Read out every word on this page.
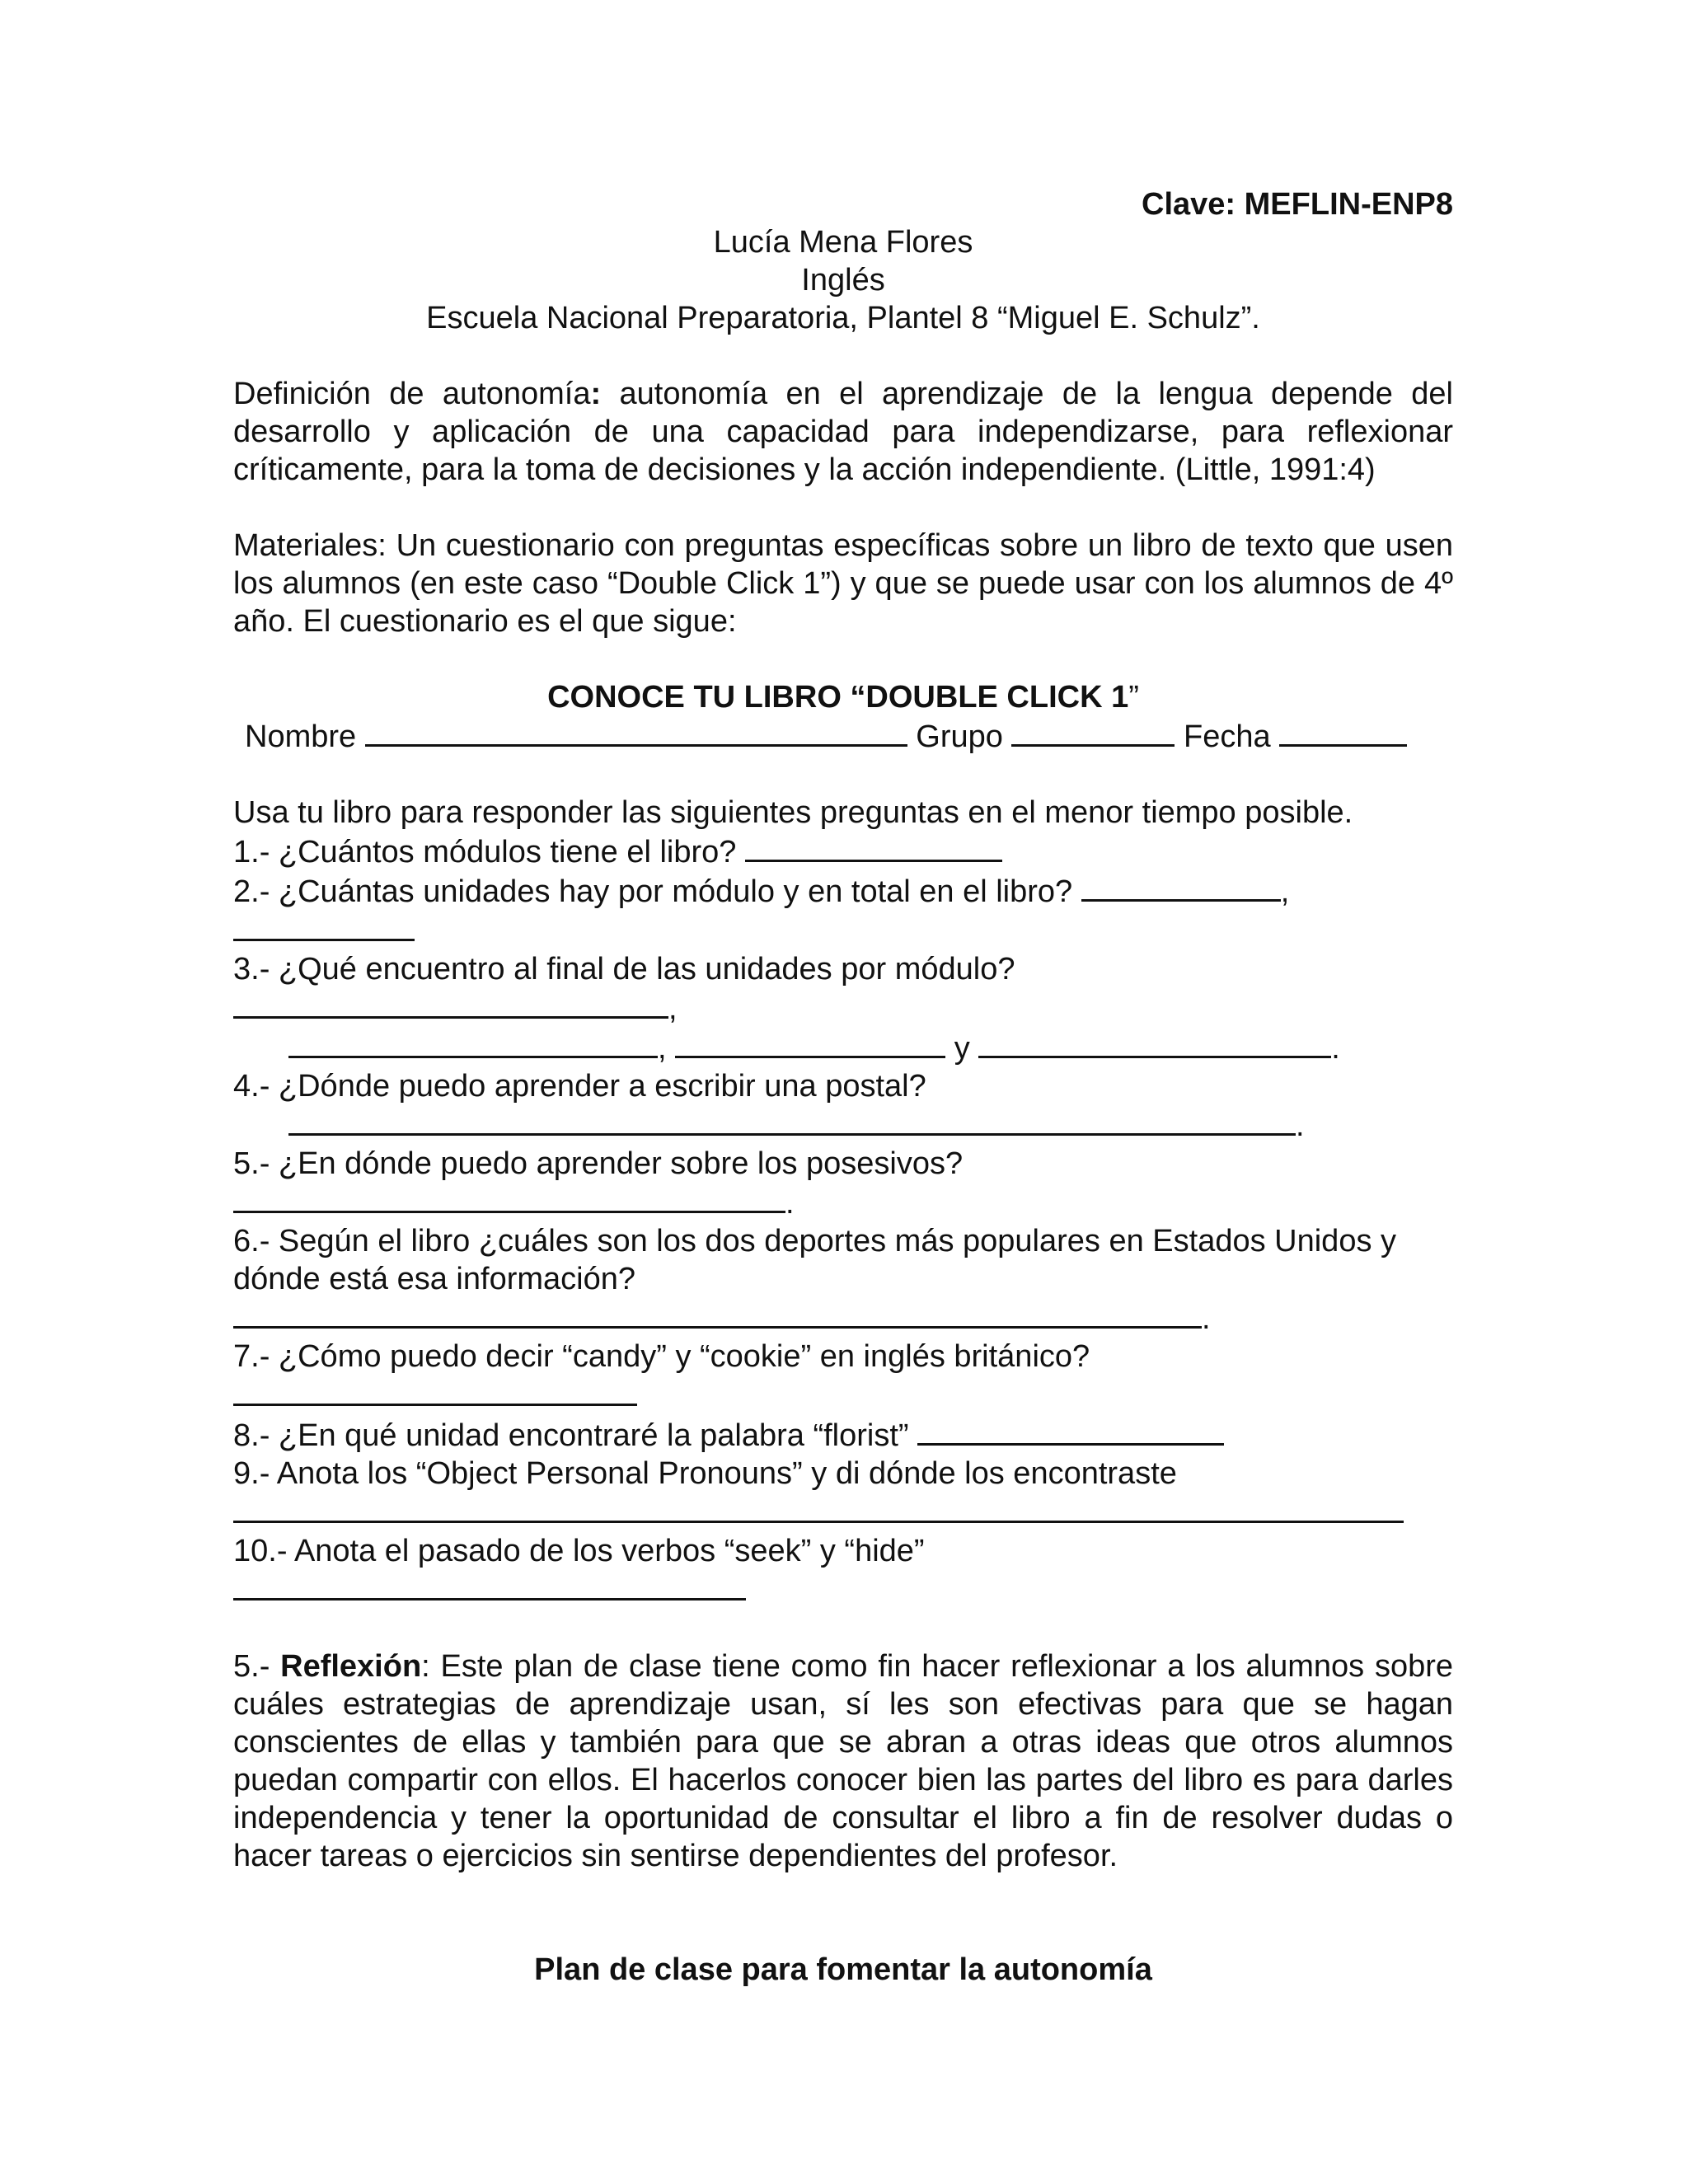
Clave: MEFLIN-ENP8
Lucía Mena Flores
Inglés
Escuela Nacional Preparatoria, Plantel 8 “Miguel E. Schulz”.
Definición de autonomía: autonomía en el aprendizaje de la lengua depende del desarrollo y aplicación de una capacidad para independizarse, para reflexionar críticamente, para la toma de decisiones y la acción independiente. (Little, 1991:4)
Materiales: Un cuestionario con preguntas específicas sobre un libro de texto que usen los alumnos (en este caso “Double Click 1”) y que se puede usar con los alumnos de 4º año. El cuestionario es el que sigue:
CONOCE TU LIBRO “DOUBLE CLICK 1”
Nombre	Grupo	Fecha
Usa tu libro para responder las siguientes preguntas en el menor tiempo posible.
1.- ¿Cuántos módulos tiene el libro?
2.- ¿Cuántas unidades hay por módulo y en total en el libro?	,
3.- ¿Qué encuentro al final de las unidades por módulo?
,
,	y	.
4.- ¿Dónde puedo aprender a escribir una postal?
.
5.- ¿En dónde puedo aprender sobre los posesivos?
.
6.- Según el libro ¿cuáles son los dos deportes más populares en Estados Unidos y dónde está esa información?
.
7.- ¿Cómo puedo decir “candy” y “cookie” en inglés británico?
8.- ¿En qué unidad encontraré la palabra “florist”
9.- Anota los “Object Personal Pronouns” y di dónde los encontraste
10.- Anota el pasado de los verbos “seek” y “hide”
5.- Reflexión: Este plan de clase tiene como fin hacer reflexionar a los alumnos sobre cuáles estrategias de aprendizaje usan, sí les son efectivas para que se hagan conscientes de ellas y también para que se abran a otras ideas que otros alumnos puedan compartir con ellos. El hacerlos conocer bien las partes del libro es para darles independencia y tener la oportunidad de consultar el libro a fin de resolver dudas o hacer tareas o ejercicios sin sentirse dependientes del profesor.
Plan de clase para fomentar la autonomía
